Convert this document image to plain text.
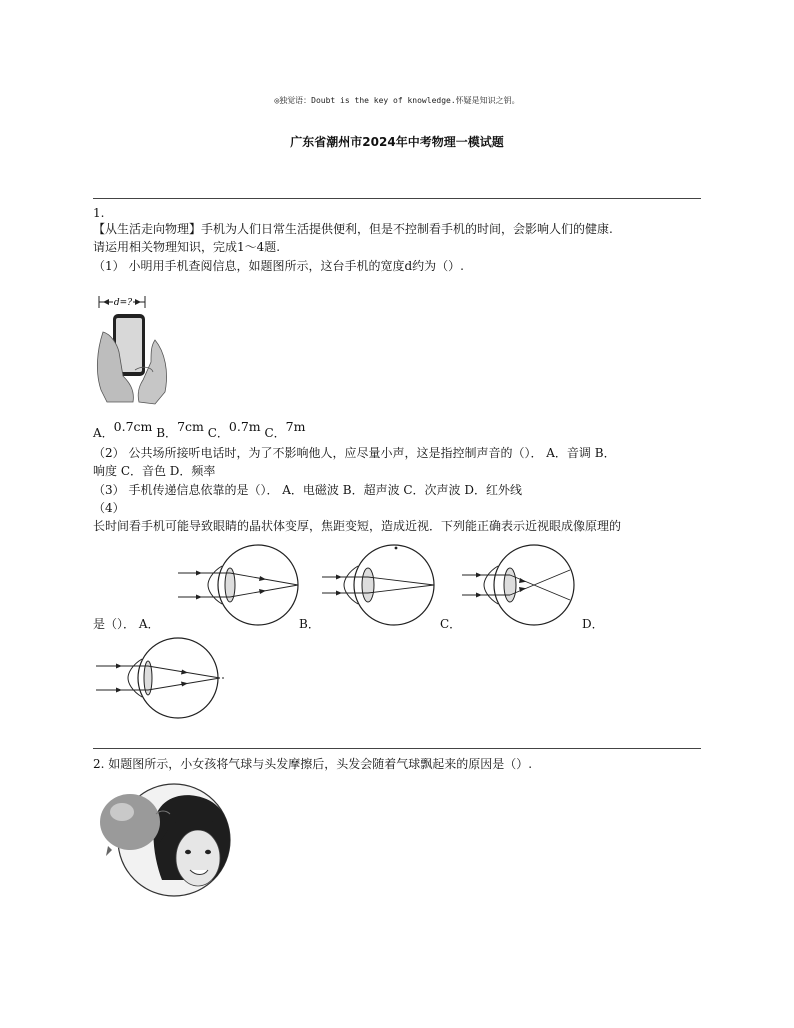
◎独觉语：Doubt is the key of knowledge.怀疑是知识之钥。
广东省潮州市2024年中考物理一模试题
1.
【从生活走向物理】手机为人们日常生活提供便利，但是不控制看手机的时间，会影响人们的健康.
请运用相关物理知识，完成1～4题.
（1） 小明用手机查阅信息，如题图所示，这台手机的宽度d约为（）.
d=?
A．0.7cm B．7cm C．0.7m C．7m
（2） 公共场所接听电话时，为了不影响他人，应尽量小声，这是指控制声音的（）． A．音调 B．
响度 C．音色 D．频率
（3） 手机传递信息依靠的是（）． A．电磁波 B．超声波 C．次声波 D．红外线
（4）
长时间看手机可能导致眼睛的晶状体变厚，焦距变短，造成近视．下列能正确表示近视眼成像原理的
是（）． A．	B．	C．	D．
2. 如题图所示，小女孩将气球与头发摩擦后，头发会随着气球飘起来的原因是（）.
